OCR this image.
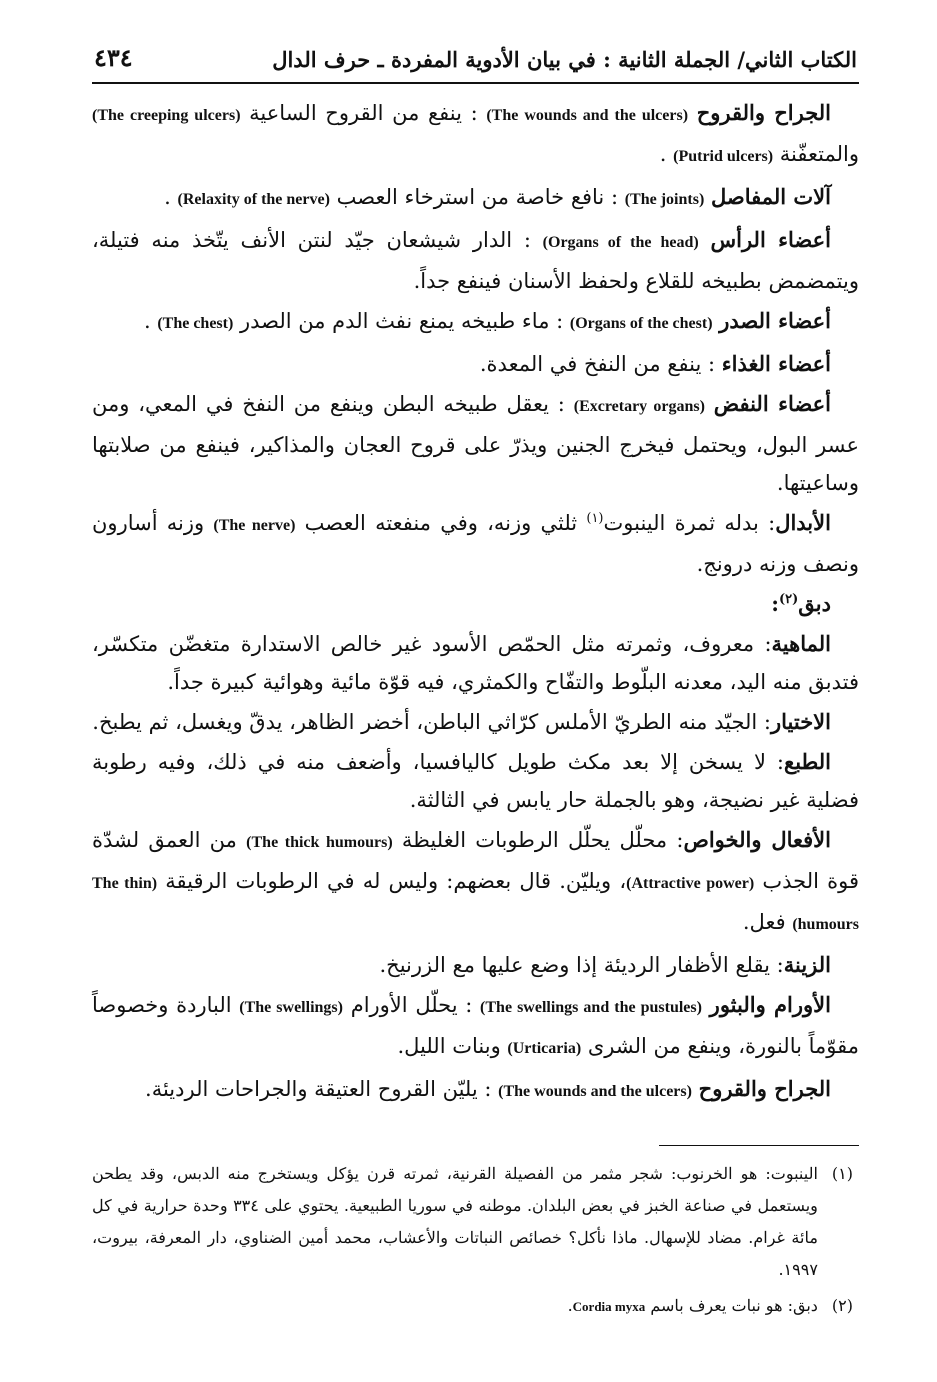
الكتاب الثاني/ الجملة الثانية : في بيان الأدوية المفردة ـ حرف الدال
٤٣٤

الجراح والقروح (The wounds and the ulcers) : ينفع من القروح الساعية (The creeping ulcers) والمتعفّنة (Putrid ulcers) .

آلات المفاصل (The joints) : نافع خاصة من استرخاء العصب (Relaxity of the nerve) .

أعضاء الرأس (Organs of the head) : الدار شيشعان جيّد لنتن الأنف يتّخذ منه فتيلة، ويتمضمض بطبيخه للقلاع ولحفظ الأسنان فينفع جداً.

أعضاء الصدر (Organs of the chest) : ماء طبيخه يمنع نفث الدم من الصدر (The chest) .

أعضاء الغذاء : ينفع من النفخ في المعدة.

أعضاء النفض (Excretary organs) : يعقل طبيخه البطن وينفع من النفخ في المعي، ومن عسر البول، ويحتمل فيخرج الجنين ويذرّ على قروح العجان والمذاكير، فينفع من صلابتها وساعيتها.

الأبدال: بدله ثمرة الينبوت$^{(١)}$ ثلثي وزنه، وفي منفعته العصب (The nerve) وزنه أسارون ونصف وزنه درونج.

دبق$^{(٢)}$:

الماهية: معروف، وثمرته مثل الحمّص الأسود غير خالص الاستدارة متغضّن متكسّر، فتدبق منه اليد، معدنه البلّوط والتفّاح والكمثري، فيه قوّة مائية وهوائية كبيرة جداً.

الاختيار: الجيّد منه الطريّ الأملس كرّاثي الباطن، أخضر الظاهر، يدقّ ويغسل، ثم يطبخ.

الطبع: لا يسخن إلا بعد مكث طويل كاليافسيا، وأضعف منه في ذلك، وفيه رطوبة فضلية غير نضيجة، وهو بالجملة حار يابس في الثالثة.

الأفعال والخواص: محلّل يحلّل الرطوبات الغليظة (The thick humours) من العمق لشدّة قوة الجذب (Attractive power)، ويليّن. قال بعضهم: وليس له في الرطوبات الرقيقة (The thin humours) فعل.

الزينة: يقلع الأظفار الرديئة إذا وضع عليها مع الزرنيخ.

الأورام والبثور (The swellings and the pustules) : يحلّل الأورام (The swellings) الباردة وخصوصاً مقوّماً بالنورة، وينفع من الشرى (Urticaria) وبنات الليل.

الجراح والقروح (The wounds and the ulcers) : يليّن القروح العتيقة والجراحات الرديئة.

(١)
الينبوت: هو الخرنوب: شجر مثمر من الفصيلة القرنية، ثمرته قرن يؤكل ويستخرج منه الدبس، وقد يطحن ويستعمل في صناعة الخبز في بعض البلدان. موطنه في سوريا الطبيعية. يحتوي على ٣٣٤ وحدة حرارية في كل مائة غرام. مضاد للإسهال. ماذا نأكل؟ خصائص النباتات والأعشاب، محمد أمين الضناوي، دار المعرفة، بيروت، ١٩٩٧.
(٢)
دبق: هو نبات يعرف باسم Cordia myxa.
